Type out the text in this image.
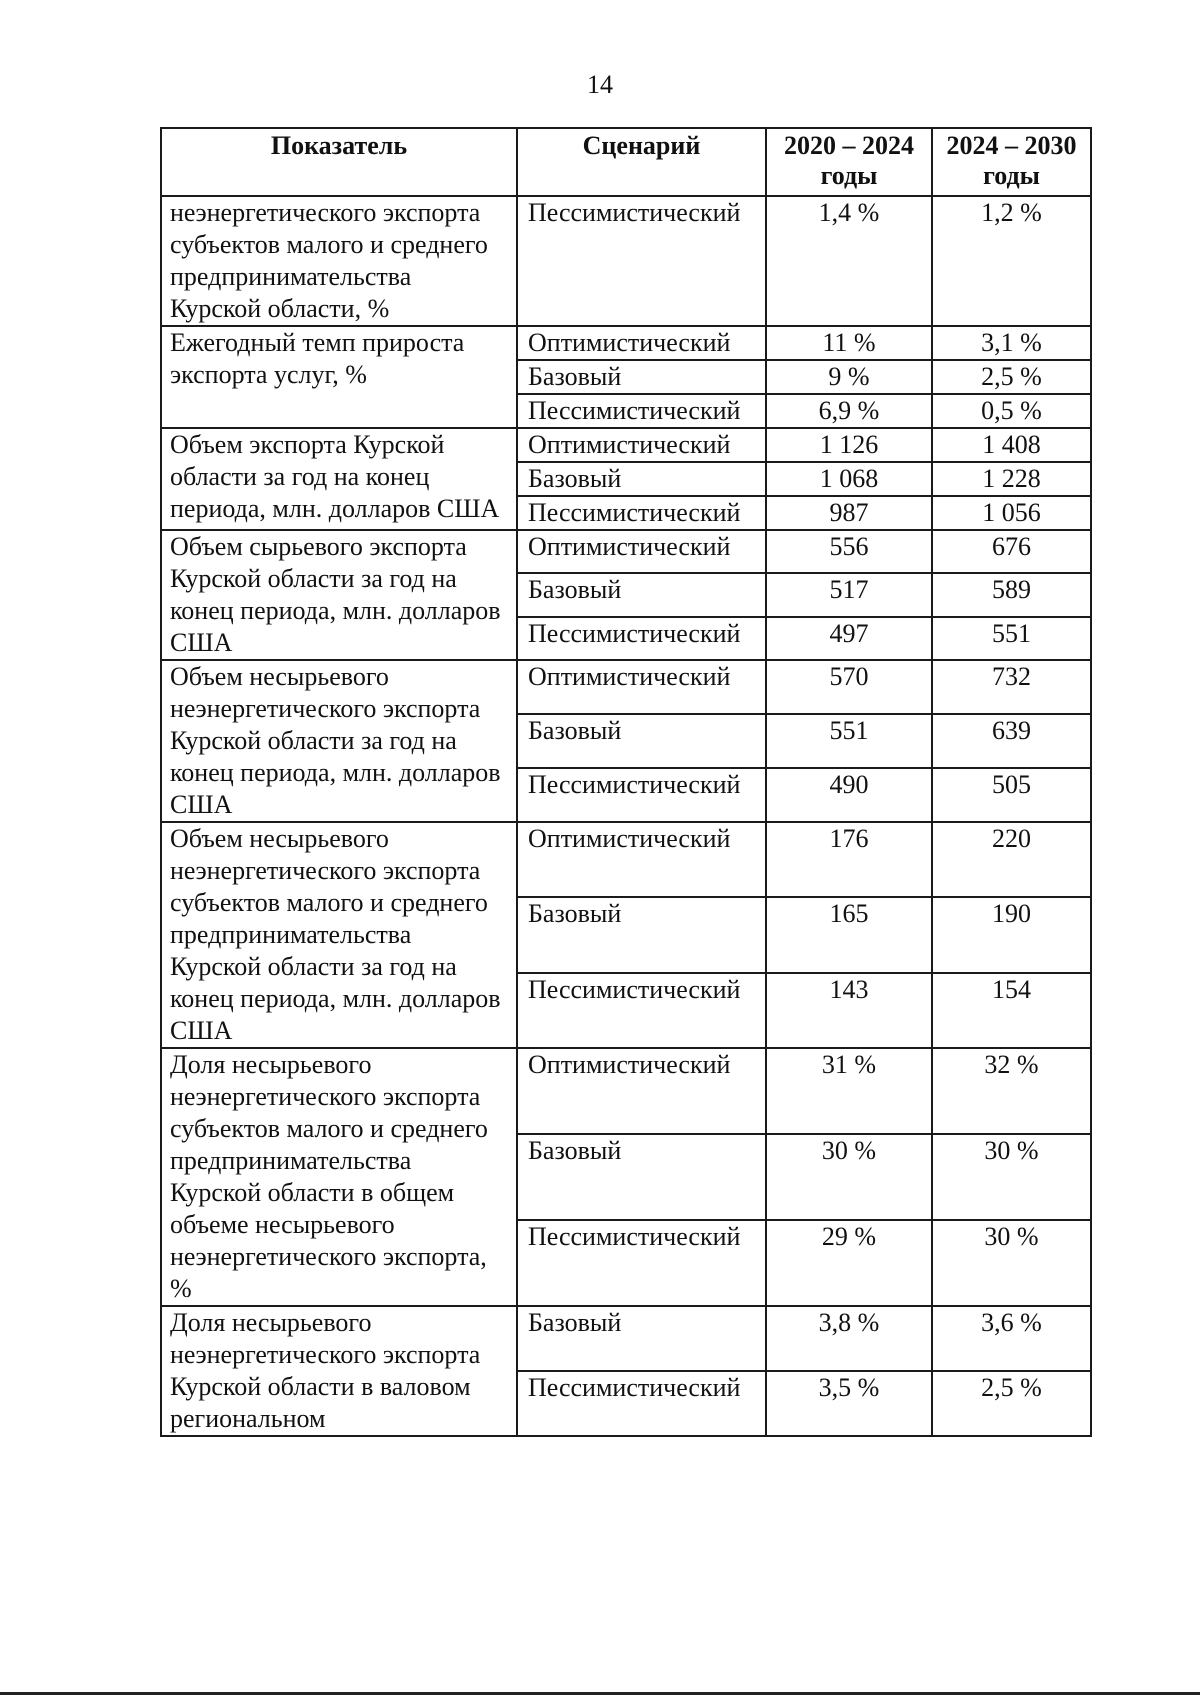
14
Показатель	Сценарий	2020 – 2024 годы	2024 – 2030 годы
неэнергетического экспорта субъектов малого и среднего предпринимательства Курской области, %	Пессимистический	1,4 %	1,2 %
Ежегодный темп прироста экспорта услуг, %	Оптимистический	11 %	3,1 %
	Базовый	9 %	2,5 %
	Пессимистический	6,9 %	0,5 %
Объем экспорта Курской области за год на конец периода, млн. долларов США	Оптимистический	1 126	1 408
	Базовый	1 068	1 228
	Пессимистический	987	1 056
Объем сырьевого экспорта Курской области за год на конец периода, млн. долларов США	Оптимистический	556	676
	Базовый	517	589
	Пессимистический	497	551
Объем несырьевого неэнергетического экспорта Курской области за год на конец периода, млн. долларов США	Оптимистический	570	732
	Базовый	551	639
	Пессимистический	490	505
Объем несырьевого неэнергетического экспорта субъектов малого и среднего предпринимательства Курской области за год на конец периода, млн. долларов США	Оптимистический	176	220
	Базовый	165	190
	Пессимистический	143	154
Доля несырьевого неэнергетического экспорта субъектов малого и среднего предпринимательства Курской области в общем объеме несырьевого неэнергетического экспорта, %	Оптимистический	31 %	32 %
	Базовый	30 %	30 %
	Пессимистический	29 %	30 %
Доля несырьевого неэнергетического экспорта Курской области в валовом региональном	Базовый	3,8 %	3,6 %
	Пессимистический	3,5 %	2,5 %
